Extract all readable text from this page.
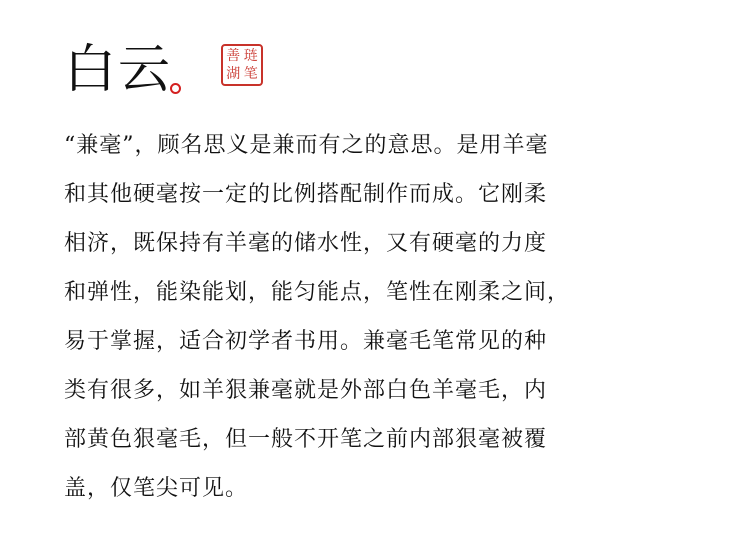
白云	善 琏
湖 笔
“兼毫”，顾名思义是兼而有之的意思。是用羊毫
和其他硬毫按一定的比例搭配制作而成。它刚柔
相济，既保持有羊毫的储水性，又有硬毫的力度
和弹性，能染能划，能匀能点，笔性在刚柔之间，
易于掌握，适合初学者书用。兼毫毛笔常见的种
类有很多，如羊狠兼毫就是外部白色羊毫毛，内
部黄色狠毫毛，但一般不开笔之前内部狠毫被覆
盖，仅笔尖可见。
